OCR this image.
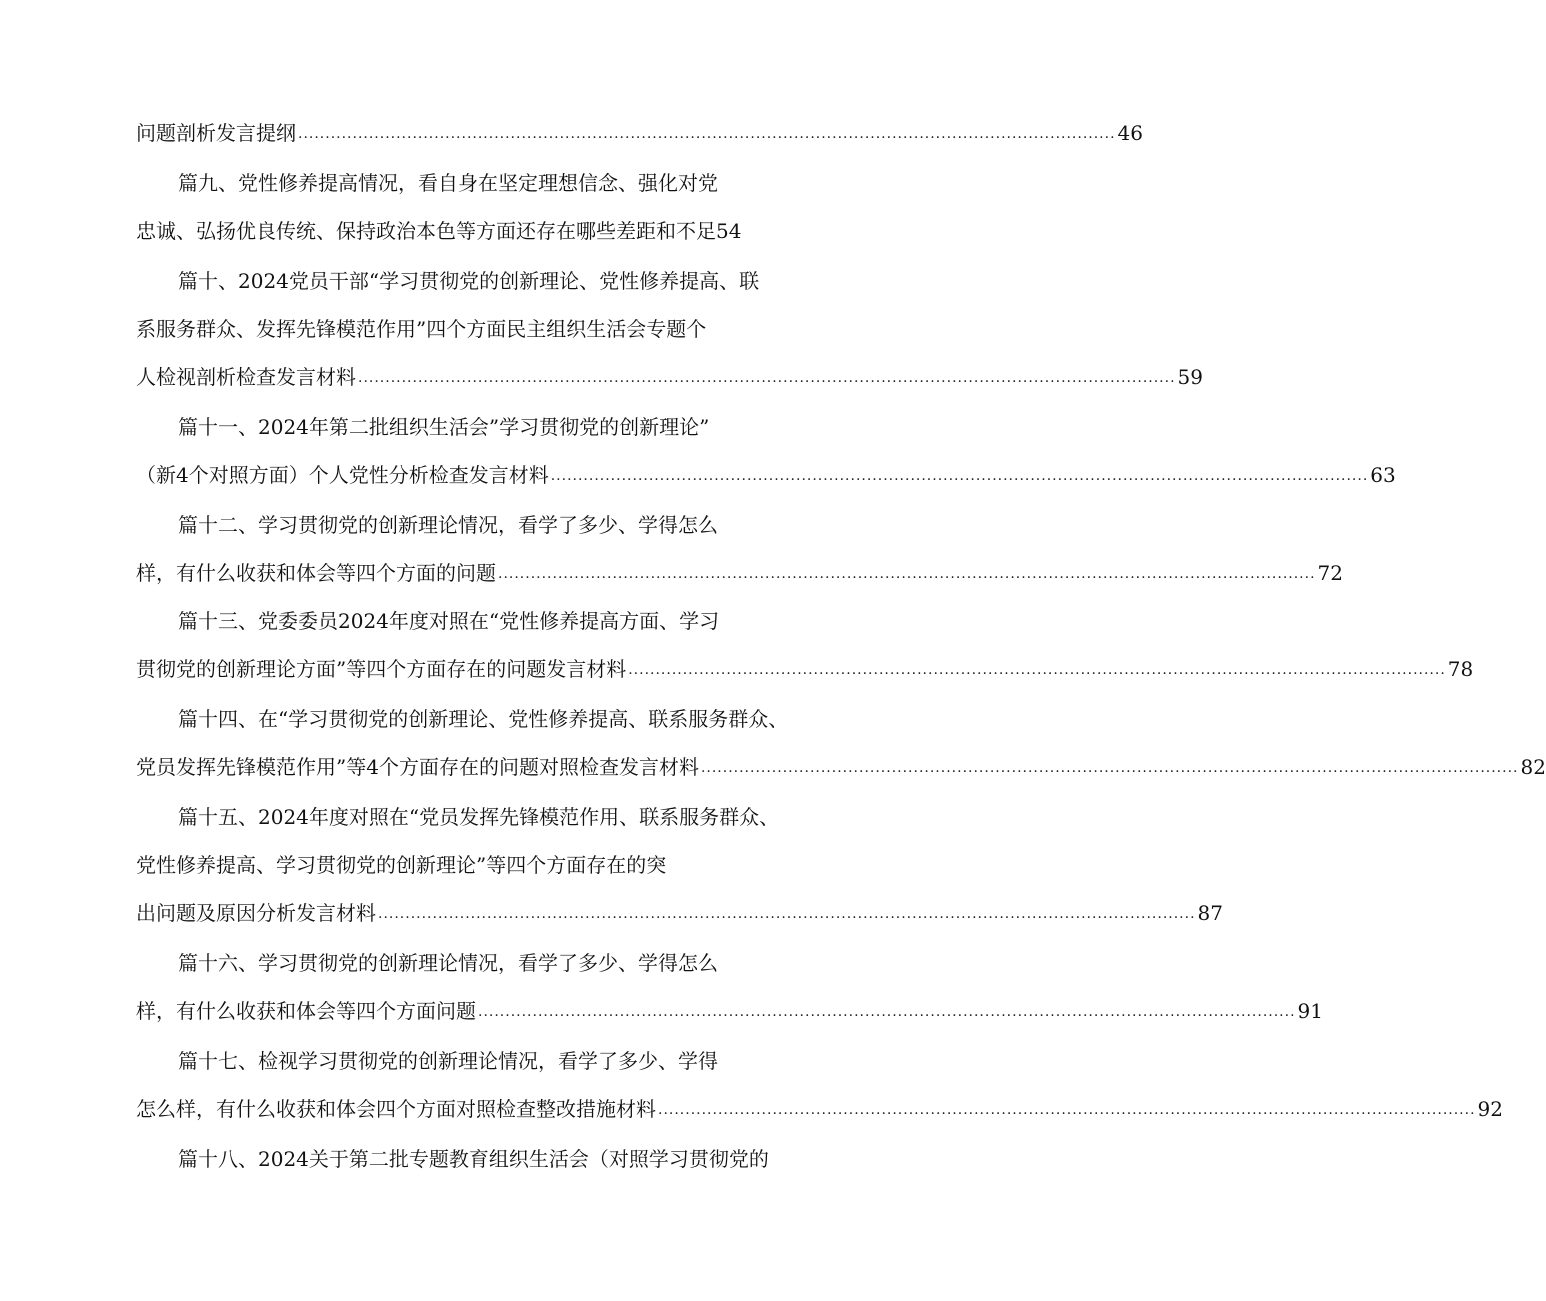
问题剖析发言提纲 ...................................................................................................................................................... 46
篇九、党性修养提高情况，看自身在坚定理想信念、强化对党
忠诚、弘扬优良传统、保持政治本色等方面还存在哪些差距和不足54
篇十、2024党员干部“学习贯彻党的创新理论、党性修养提高、联
系服务群众、发挥先锋模范作用”四个方面民主组织生活会专题个
人检视剖析检查发言材料 ...................................................................................................................................................... 59
篇十一、2024年第二批组织生活会”学习贯彻党的创新理论”
（新4个对照方面）个人党性分析检查发言材料 ...................................................................................................................................................... 63
篇十二、学习贯彻党的创新理论情况，看学了多少、学得怎么
样，有什么收获和体会等四个方面的问题 ...................................................................................................................................................... 72
篇十三、党委委员2024年度对照在“党性修养提高方面、学习
贯彻党的创新理论方面”等四个方面存在的问题发言材料 ...................................................................................................................................................... 78
篇十四、在“学习贯彻党的创新理论、党性修养提高、联系服务群众、
党员发挥先锋模范作用”等4个方面存在的问题对照检查发言材料 ...................................................................................................................................................... 82
篇十五、2024年度对照在“党员发挥先锋模范作用、联系服务群众、
党性修养提高、学习贯彻党的创新理论”等四个方面存在的突
出问题及原因分析发言材料 ...................................................................................................................................................... 87
篇十六、学习贯彻党的创新理论情况，看学了多少、学得怎么
样，有什么收获和体会等四个方面问题 ...................................................................................................................................................... 91
篇十七、检视学习贯彻党的创新理论情况，看学了多少、学得
怎么样，有什么收获和体会四个方面对照检查整改措施材料 ...................................................................................................................................................... 92
篇十八、2024关于第二批专题教育组织生活会（对照学习贯彻党的
